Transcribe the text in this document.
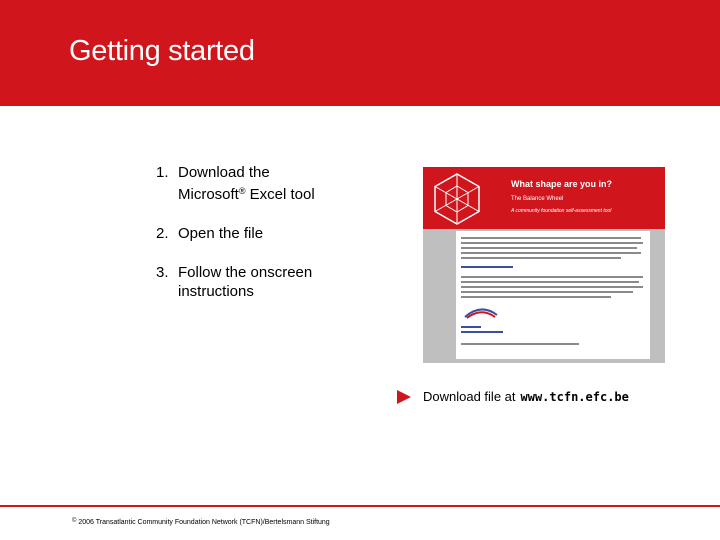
Getting started
1. Download the
Microsoft® Excel tool
2. Open the file
3. Follow the onscreen
instructions
What shape are you in?
The Balance Wheel
A community foundation self-assessment tool
Download file at www.tcfn.efc.be
© 2006 Transatlantic Community Foundation Network (TCFN)/Bertelsmann Stiftung
